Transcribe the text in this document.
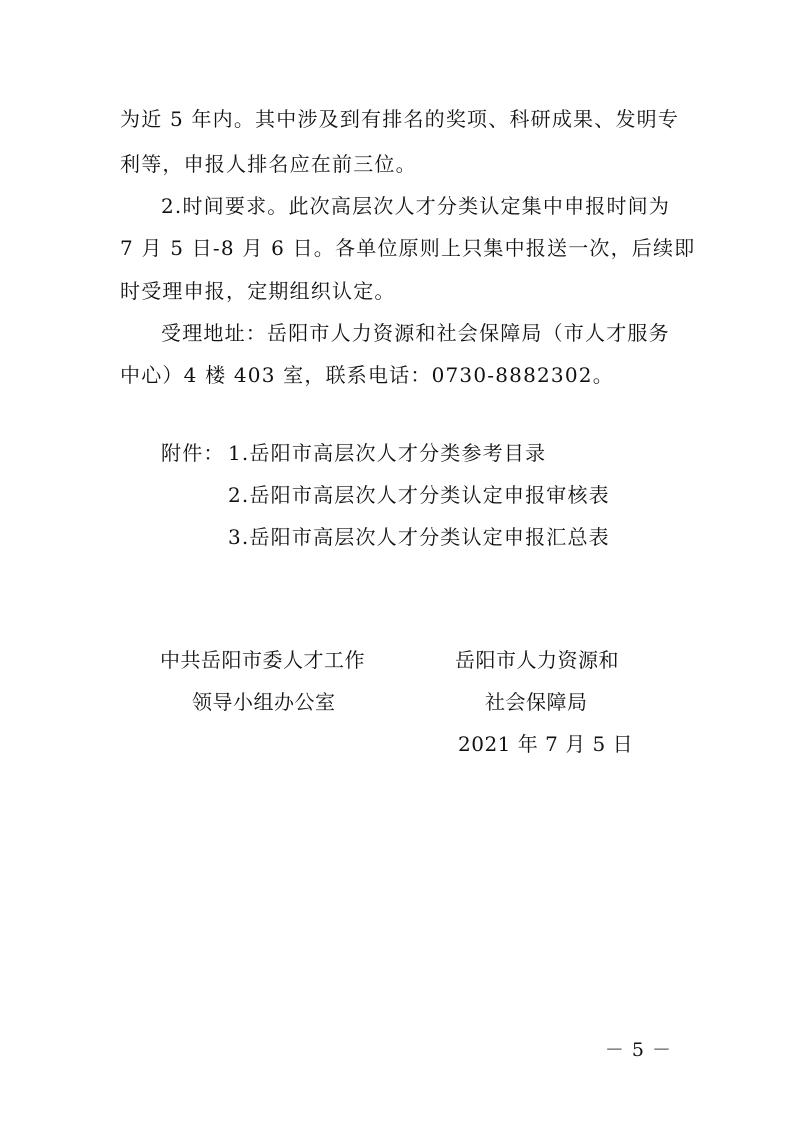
为近 5 年内。其中涉及到有排名的奖项、科研成果、发明专
利等，申报人排名应在前三位。
2.时间要求。此次高层次人才分类认定集中申报时间为
7 月 5 日-8 月 6 日。各单位原则上只集中报送一次，后续即
时受理申报，定期组织认定。
受理地址：岳阳市人力资源和社会保障局（市人才服务
中心）4 楼 403 室，联系电话：0730-8882302。
附件： 1.岳阳市高层次人才分类参考目录
2.岳阳市高层次人才分类认定申报审核表
3.岳阳市高层次人才分类认定申报汇总表
中共岳阳市委人才工作
领导小组办公室
岳阳市人力资源和
社会保障局
2021 年 7 月 5 日
－ 5 －
